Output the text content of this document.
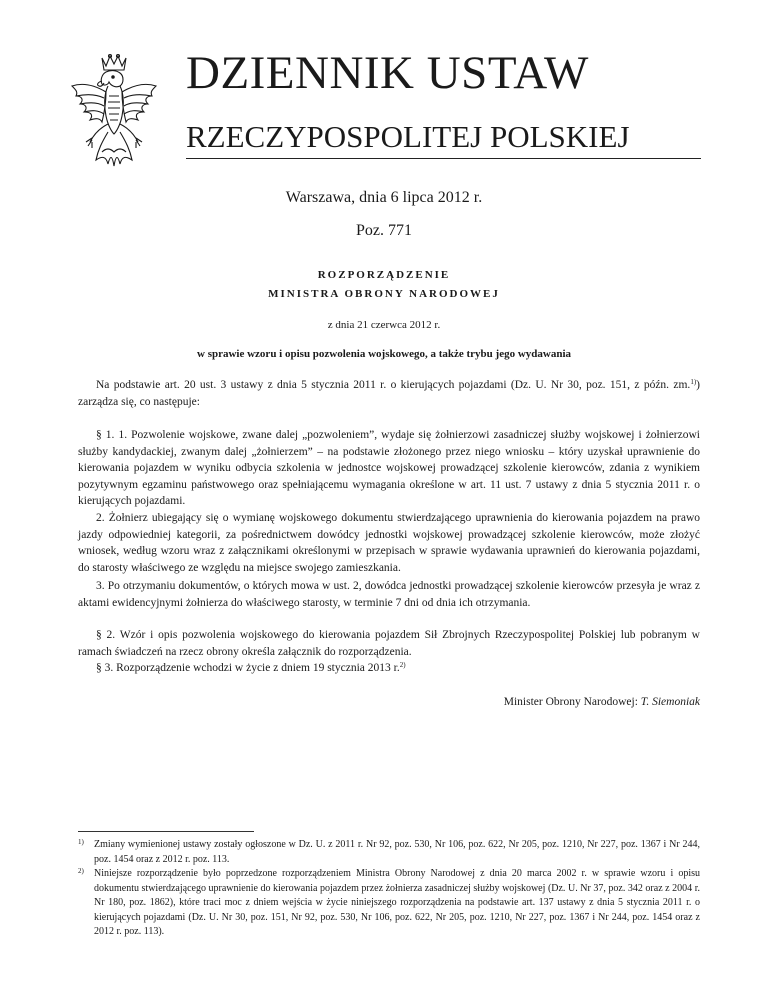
DZIENNIK USTAW
RZECZYPOSPOLITEJ POLSKIEJ
Warszawa, dnia 6 lipca 2012 r.
Poz. 771
ROZPORZĄDZENIE
MINISTRA OBRONY NARODOWEJ
z dnia 21 czerwca 2012 r.
w sprawie wzoru i opisu pozwolenia wojskowego, a także trybu jego wydawania

Na podstawie art. 20 ust. 3 ustawy z dnia 5 stycznia 2011 r. o kierujących pojazdami (Dz. U. Nr 30, poz. 151, z późn. zm.$^{1)}$) zarządza się, co następuje:

§ 1. 1. Pozwolenie wojskowe, zwane dalej „pozwoleniem”, wydaje się żołnierzowi zasadniczej służby wojskowej i żołnierzowi służby kandydackiej, zwanym dalej „żołnierzem” – na podstawie złożonego przez niego wniosku – który uzyskał uprawnienie do kierowania pojazdem w wyniku odbycia szkolenia w jednostce wojskowej prowadzącej szkolenie kierowców, zdania z wynikiem pozytywnym egzaminu państwowego oraz spełniającemu wymagania określone w art. 11 ust. 7 ustawy z dnia 5 stycznia 2011 r. o kierujących pojazdami.

2. Żołnierz ubiegający się o wymianę wojskowego dokumentu stwierdzającego uprawnienia do kierowania pojazdem na prawo jazdy odpowiedniej kategorii, za pośrednictwem dowódcy jednostki wojskowej prowadzącej szkolenie kierowców, może złożyć wniosek, według wzoru wraz z załącznikami określonymi w przepisach w sprawie wydawania uprawnień do kierowania pojazdami, do starosty właściwego ze względu na miejsce swojego zamieszkania.

3. Po otrzymaniu dokumentów, o których mowa w ust. 2, dowódca jednostki prowadzącej szkolenie kierowców przesyła je wraz z aktami ewidencyjnymi żołnierza do właściwego starosty, w terminie 7 dni od dnia ich otrzymania.

§ 2. Wzór i opis pozwolenia wojskowego do kierowania pojazdem Sił Zbrojnych Rzeczypospolitej Polskiej lub pobranym w ramach świadczeń na rzecz obrony określa załącznik do rozporządzenia.

§ 3. Rozporządzenie wchodzi w życie z dniem 19 stycznia 2013 r.$^{2)}$

Minister Obrony Narodowej: T. Siemoniak
1)	Zmiany wymienionej ustawy zostały ogłoszone w Dz. U. z 2011 r. Nr 92, poz. 530, Nr 106, poz. 622, Nr 205, poz. 1210, Nr 227, poz. 1367 i Nr 244, poz. 1454 oraz z 2012 r. poz. 113.
2)	Niniejsze rozporządzenie było poprzedzone rozporządzeniem Ministra Obrony Narodowej z dnia 20 marca 2002 r. w sprawie wzoru i opisu dokumentu stwierdzającego uprawnienie do kierowania pojazdem przez żołnierza zasadniczej służby wojskowej (Dz. U. Nr 37, poz. 342 oraz z 2004 r. Nr 180, poz. 1862), które traci moc z dniem wejścia w życie niniejszego rozporządzenia na podstawie art. 137 ustawy z dnia 5 stycznia 2011 r. o kierujących pojazdami (Dz. U. Nr 30, poz. 151, Nr 92, poz. 530, Nr 106, poz. 622, Nr 205, poz. 1210, Nr 227, poz. 1367 i Nr 244, poz. 1454 oraz z 2012 r. poz. 113).
